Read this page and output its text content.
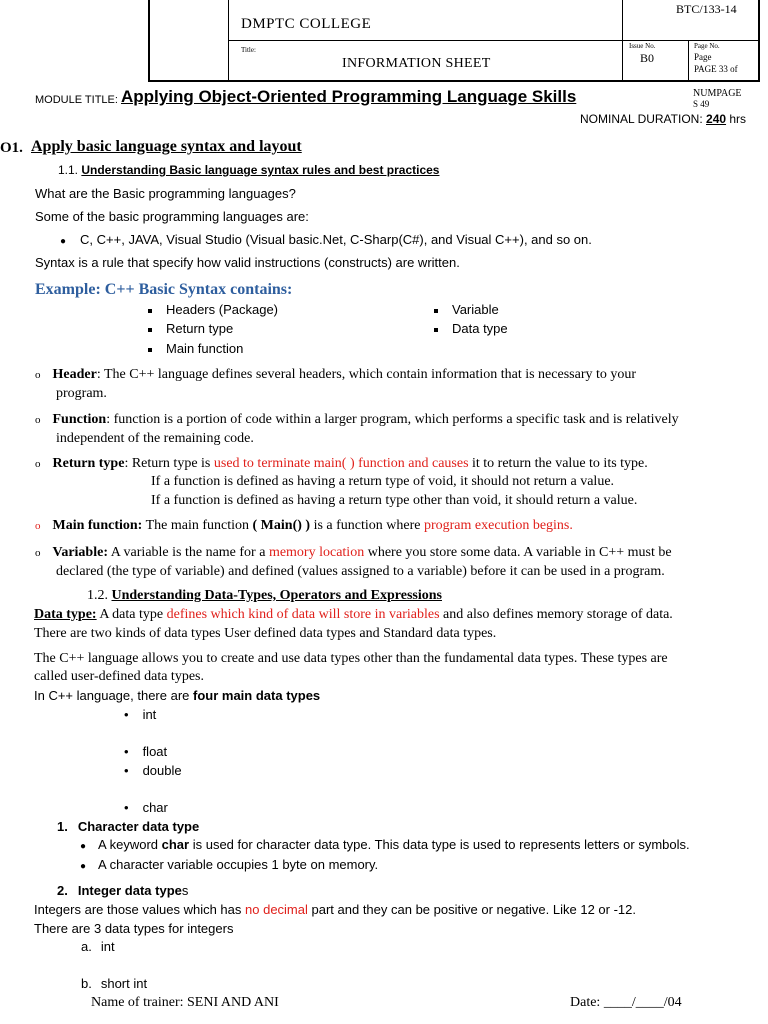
DMPTC COLLEGE
BTC/133-14
Title:
INFORMATION SHEET
Issue No.
B0
Page No.
Page
PAGE 33 of
MODULE TITLE: Applying Object-Oriented Programming Language Skills	NUMPAGE
S 49
NOMINAL DURATION: 240 hrs
O1. Apply basic language syntax and layout
1.1. Understanding Basic language syntax rules and best practices
What are the Basic programming languages?
Some of the basic programming languages are:
● C, C++, JAVA, Visual Studio (Visual basic.Net, C-Sharp(C#), and Visual C++), and so on.
Syntax is a rule that specify how valid instructions (constructs) are written.
Example: C++ Basic Syntax contains:
Headers (Package)
Return type
Main function
Variable
Data type
o Header: The C++ language defines several headers, which contain information that is necessary to your
program.
o Function: function is a portion of code within a larger program, which performs a specific task and is relatively
independent of the remaining code.
o Return type: Return type is used to terminate main( ) function and causes it to return the value to its type.
If a function is defined as having a return type of void, it should not return a value.
If a function is defined as having a return type other than void, it should return a value.
o Main function: The main function ( Main() ) is a function where program execution begins.
o Variable: A variable is the name for a memory location where you store some data. A variable in C++ must be
declared (the type of variable) and defined (values assigned to a variable) before it can be used in a program.
1.2. Understanding Data-Types, Operators and Expressions
Data type: A data type defines which kind of data will store in variables and also defines memory storage of data.
There are two kinds of data types User defined data types and Standard data types.
The C++ language allows you to create and use data types other than the fundamental data types. These types are
called user-defined data types.
In C++ language, there are four main data types
• int
• float
• double
• char
1. Character data type
● A keyword char is used for character data type. This data type is used to represents letters or symbols.
● A character variable occupies 1 byte on memory.
2. Integer data types
Integers are those values which has no decimal part and they can be positive or negative. Like 12 or -12.
There are 3 data types for integers
a. int
b. short int
Name of trainer: SENI AND ANI	Date: ____/____/04
